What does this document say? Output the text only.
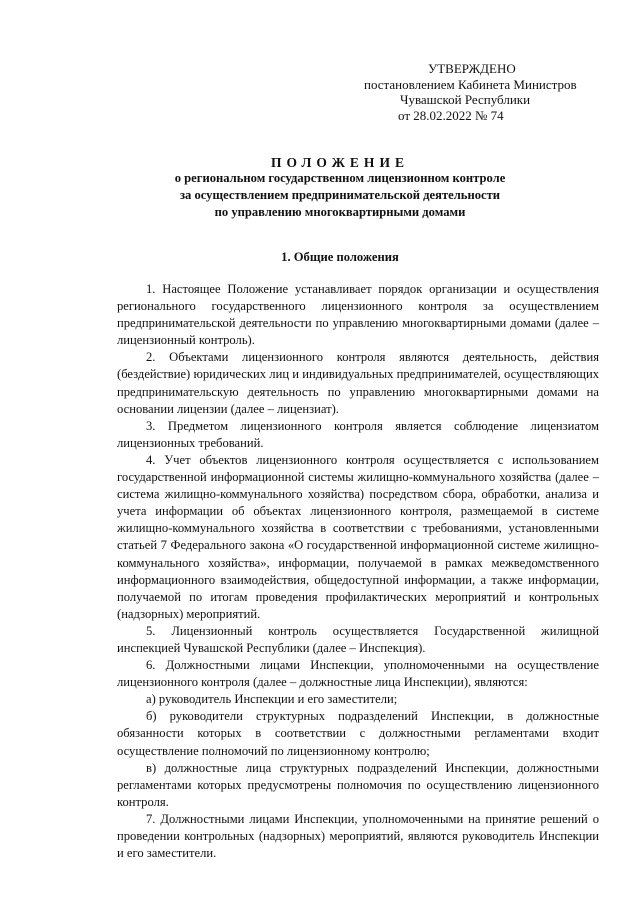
УТВЕРЖДЕНО
постановлением Кабинета Министров
Чувашской Республики
от 28.02.2022 № 74
ПОЛОЖЕНИЕ
о региональном государственном лицензионном контроле
за осуществлением предпринимательской деятельности
по управлению многоквартирными домами
1. Общие положения

1. Настоящее Положение устанавливает порядок организации и осуществления регионального государственного лицензионного контроля за осуществлением предпринимательской деятельности по управлению многоквартирными домами (далее – лицензионный контроль).

2. Объектами лицензионного контроля являются деятельность, действия (бездействие) юридических лиц и индивидуальных предпринимателей, осуществляющих предпринимательскую деятельность по управлению многоквартирными домами на основании лицензии (далее – лицензиат).

3. Предметом лицензионного контроля является соблюдение лицензиатом лицензионных требований.

4. Учет объектов лицензионного контроля осуществляется с использованием государственной информационной системы жилищно-коммунального хозяйства (далее – система жилищно-коммунального хозяйства) посредством сбора, обработки, анализа и учета информации об объектах лицензионного контроля, размещаемой в системе жилищно-коммунального хозяйства в соответствии с требованиями, установленными статьей 7 Федерального закона «О государственной информационной системе жилищно-коммунального хозяйства», информации, получаемой в рамках межведомственного информационного взаимодействия, общедоступной информации, а также информации, получаемой по итогам проведения профилактических мероприятий и контрольных (надзорных) мероприятий.

5. Лицензионный контроль осуществляется Государственной жилищной инспекцией Чувашской Республики (далее – Инспекция).

6. Должностными лицами Инспекции, уполномоченными на осуществление лицензионного контроля (далее – должностные лица Инспекции), являются:

а) руководитель Инспекции и его заместители;

б) руководители структурных подразделений Инспекции, в должностные обязанности которых в соответствии с должностными регламентами входит осуществление полномочий по лицензионному контролю;

в) должностные лица структурных подразделений Инспекции, должностными регламентами которых предусмотрены полномочия по осуществлению лицензионного контроля.

7. Должностными лицами Инспекции, уполномоченными на принятие решений о проведении контрольных (надзорных) мероприятий, являются руководитель Инспекции и его заместители.
